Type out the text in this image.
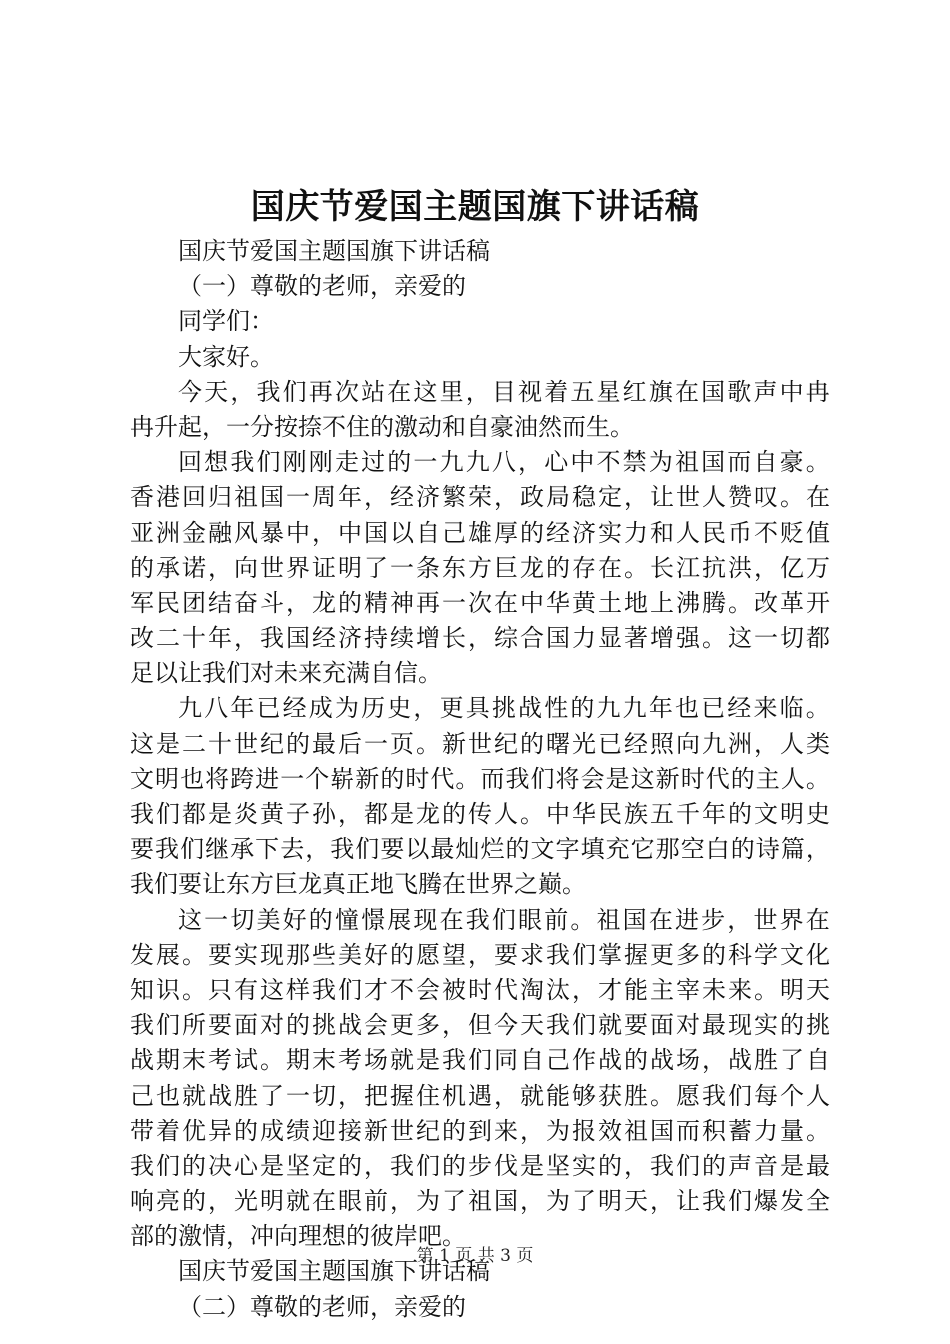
国庆节爱国主题国旗下讲话稿
国庆节爱国主题国旗下讲话稿
（一）尊敬的老师，亲爱的
同学们：
大家好。
今 天 ， 我 们 再 次 站 在 这 里 ， 目 视 着 五 星 红 旗 在 国 歌 声 中 冉
冉升起，一分按捺不住的激动和自豪油然而生。
回 想 我 们 刚 刚 走 过 的 一 九 九 八 ， 心 中 不 禁 为 祖 国 而 自 豪 。
香 港 回 归 祖 国 一 周 年 ， 经 济 繁 荣 ， 政 局 稳 定 ， 让 世 人 赞 叹 。 在
亚 洲 金 融 风 暴 中 ， 中 国 以 自 己 雄 厚 的 经 济 实 力 和 人 民 币 不 贬 值
的 承 诺 ， 向 世 界 证 明 了 一 条 东 方 巨 龙 的 存 在 。 长 江 抗 洪 ， 亿 万
军 民 团 结 奋 斗 ， 龙 的 精 神 再 一 次 在 中 华 黄 土 地 上 沸 腾 。 改 革 开
改 二 十 年 ， 我 国 经 济 持 续 增 长 ， 综 合 国 力 显 著 增 强 。 这 一 切 都
足以让我们对未来充满自信。
九 八 年 已 经 成 为 历 史 ， 更 具 挑 战 性 的 九 九 年 也 已 经 来 临 。
这 是 二 十 世 纪 的 最 后 一 页 。 新 世 纪 的 曙 光 已 经 照 向 九 洲 ， 人 类
文 明 也 将 跨 进 一 个 崭 新 的 时 代 。 而 我 们 将 会 是 这 新 时 代 的 主 人 。
我 们 都 是 炎 黄 子 孙 ， 都 是 龙 的 传 人 。 中 华 民 族 五 千 年 的 文 明 史
要 我 们 继 承 下 去 ， 我 们 要 以 最 灿 烂 的 文 字 填 充 它 那 空 白 的 诗 篇 ，
我们要让东方巨龙真正地飞腾在世界之巅。
这 一 切 美 好 的 憧 憬 展 现 在 我 们 眼 前 。 祖 国 在 进 步 ， 世 界 在
发 展 。 要 实 现 那 些 美 好 的 愿 望 ， 要 求 我 们 掌 握 更 多 的 科 学 文 化
知 识 。 只 有 这 样 我 们 才 不 会 被 时 代 淘 汰 ， 才 能 主 宰 未 来 。 明 天
我 们 所 要 面 对 的 挑 战 会 更 多 ， 但 今 天 我 们 就 要 面 对 最 现 实 的 挑
战 期 末 考 试 。 期 末 考 场 就 是 我 们 同 自 己 作 战 的 战 场 ， 战 胜 了 自
己 也 就 战 胜 了 一 切 ， 把 握 住 机 遇 ， 就 能 够 获 胜 。 愿 我 们 每 个 人
带 着 优 异 的 成 绩 迎 接 新 世 纪 的 到 来 ， 为 报 效 祖 国 而 积 蓄 力 量 。
我 们 的 决 心 是 坚 定 的 ， 我 们 的 步 伐 是 坚 实 的 ， 我 们 的 声 音 是 最
响 亮 的 ， 光 明 就 在 眼 前 ， 为 了 祖 国 ， 为 了 明 天 ， 让 我 们 爆 发 全
部的激情，冲向理想的彼岸吧。
国庆节爱国主题国旗下讲话稿
（二）尊敬的老师，亲爱的
第 1 页 共 3 页
